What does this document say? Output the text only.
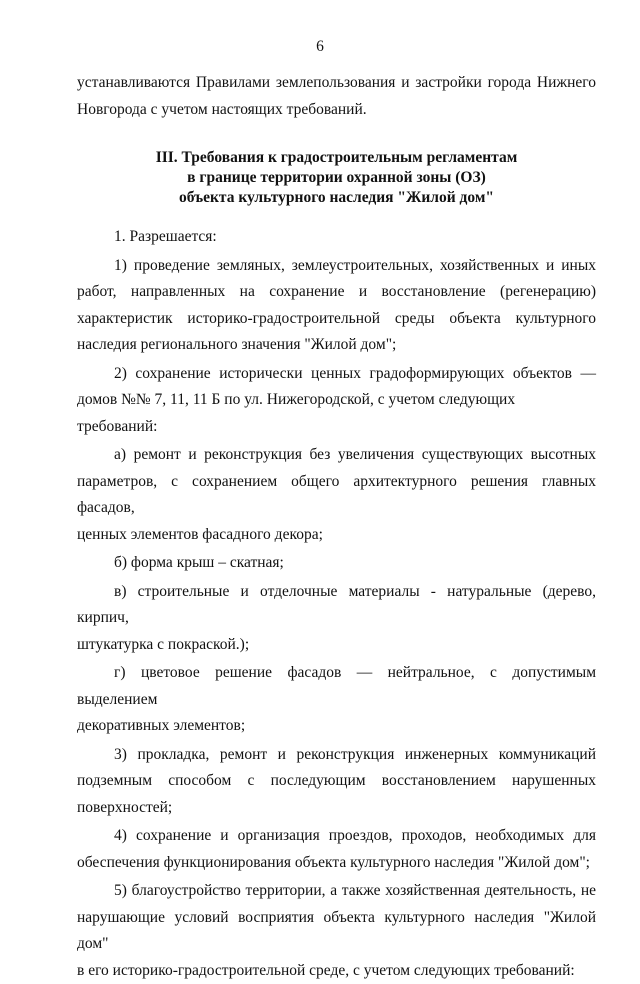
6
устанавливаются Правилами землепользования и застройки города Нижнего
Новгорода с учетом настоящих требований.
III. Требования к градостроительным регламентам
в границе территории охранной зоны (ОЗ)
объекта культурного наследия "Жилой дом"
1. Разрешается:
1) проведение земляных, землеустроительных, хозяйственных и иных
работ, направленных на сохранение и восстановление (регенерацию)
характеристик историко-градостроительной среды объекта культурного
наследия регионального значения "Жилой дом";
2) сохранение исторически ценных градоформирующих объектов —
домов №№ 7, 11, 11 Б по ул. Нижегородской, с учетом следующих требований:
а) ремонт и реконструкция без увеличения существующих высотных
параметров, с сохранением общего архитектурного решения главных фасадов,
ценных элементов фасадного декора;
б) форма крыш – скатная;
в) строительные и отделочные материалы - натуральные (дерево, кирпич,
штукатурка с покраской.);
г) цветовое решение фасадов — нейтральное, с допустимым выделением
декоративных элементов;
3) прокладка, ремонт и реконструкция инженерных коммуникаций
подземным способом с последующим восстановлением нарушенных
поверхностей;
4) сохранение и организация проездов, проходов, необходимых для
обеспечения функционирования объекта культурного наследия "Жилой дом";
5) благоустройство территории, а также хозяйственная деятельность, не
нарушающие условий восприятия объекта культурного наследия "Жилой дом"
в его историко-градостроительной среде, с учетом следующих требований:
